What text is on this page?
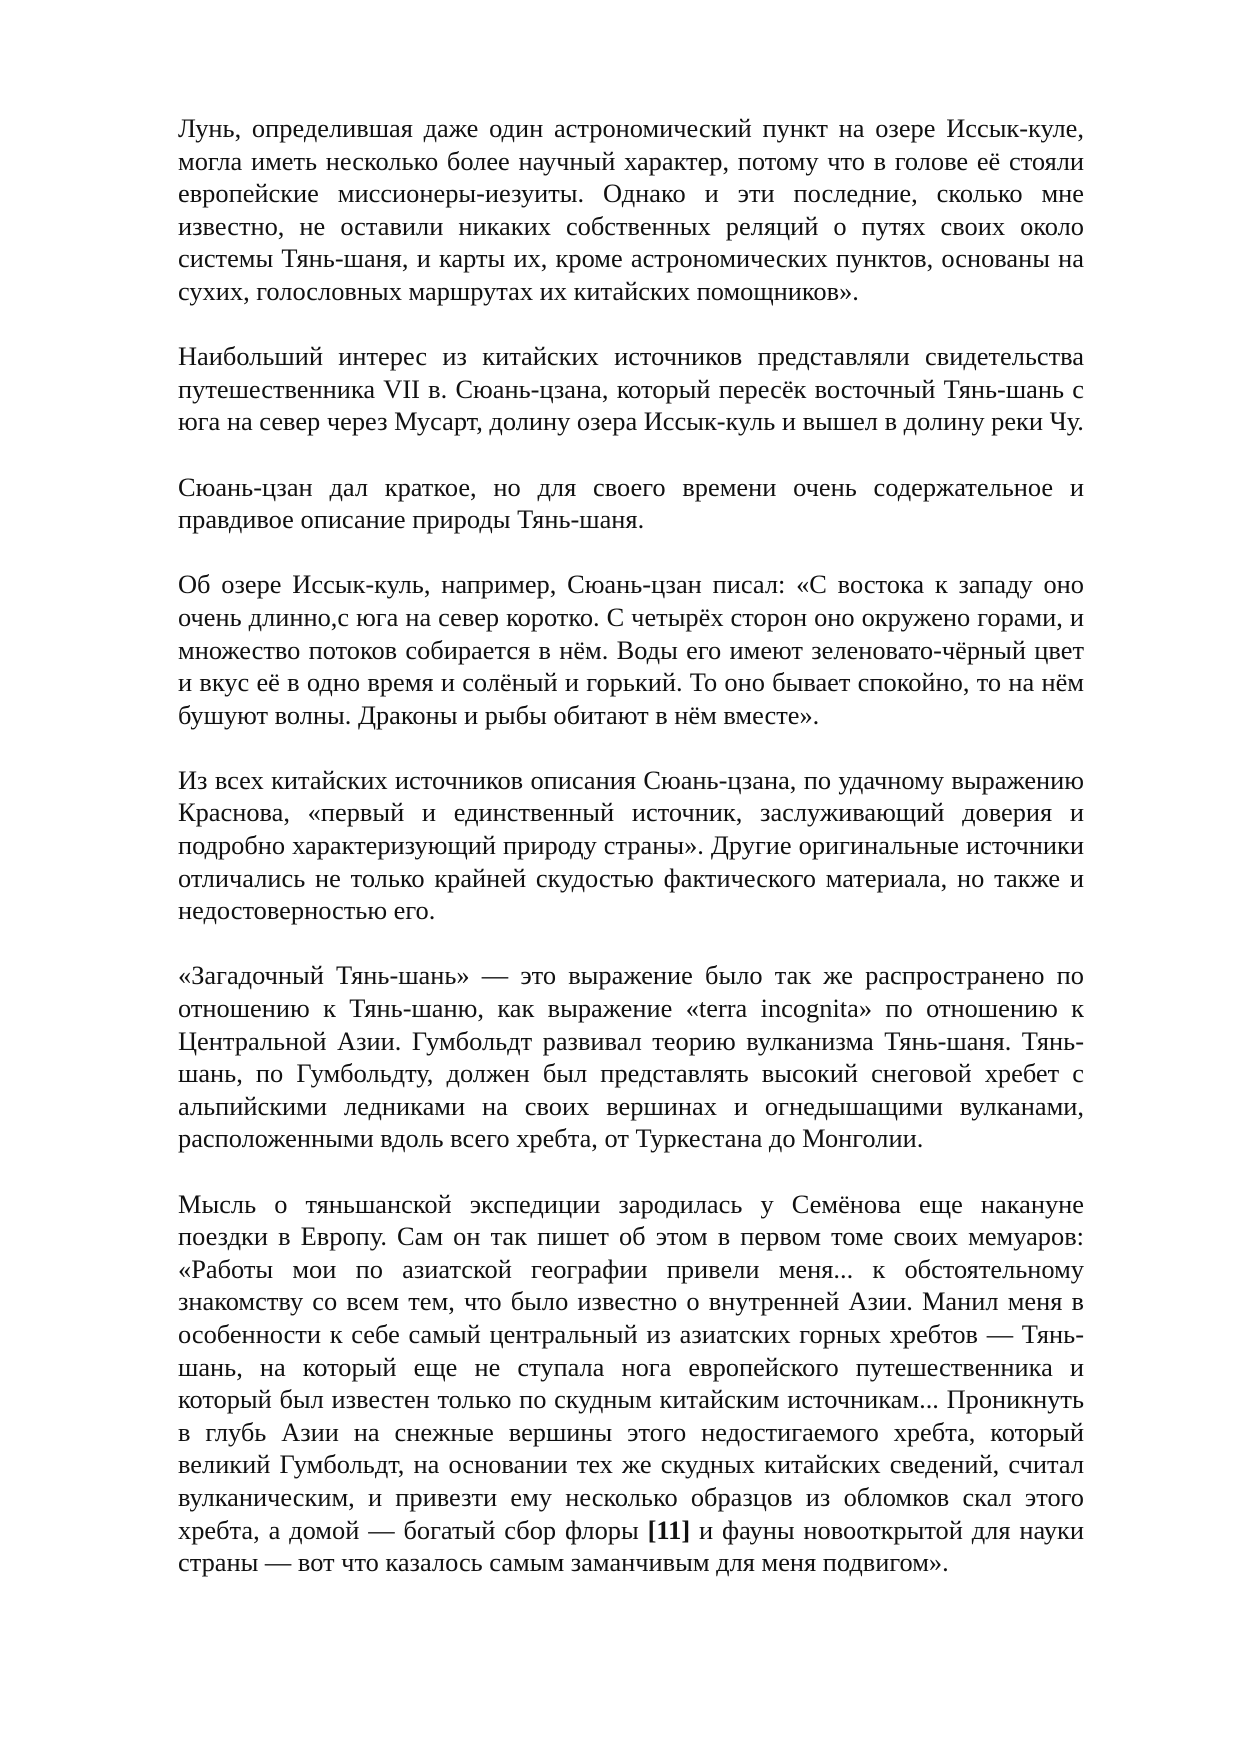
Лунь, определившая даже один астрономический пункт на озере Иссык-куле, могла иметь несколько более научный характер, потому что в голове её стояли европейские миссионеры-иезуиты. Однако и эти последние, сколько мне известно, не оставили никаких собственных реляций о путях своих около системы Тянь-шаня, и карты их, кроме астрономических пунктов, основаны на сухих, голословных маршрутах их китайских помощников».

Наибольший интерес из китайских источников представляли свидетельства путешественника VII в. Сюань-цзана, который пересёк восточный Тянь-шань с юга на север через Мусарт, долину озера Иссык-куль и вышел в долину реки Чу.

Сюань-цзан дал краткое, но для своего времени очень содержательное и правдивое описание природы Тянь-шаня.

Об озере Иссык-куль, например, Сюань-цзан писал: «С востока к западу оно очень длинно,с юга на север коротко. С четырёх сторон оно окружено горами, и множество потоков собирается в нём. Воды его имеют зеленовато-чёрный цвет и вкус её в одно время и солёный и горький. То оно бывает спокойно, то на нём бушуют волны. Драконы и рыбы обитают в нём вместе».

Из всех китайских источников описания Сюань-цзана, по удачному выражению Краснова, «первый и единственный источник, заслуживающий доверия и подробно характеризующий природу страны». Другие оригинальные источники отличались не только крайней скудостью фактического материала, но также и недостоверностью его.

«Загадочный Тянь-шань» — это выражение было так же распространено по отношению к Тянь-шаню, как выражение «terra incognita» по отношению к Центральной Азии. Гумбольдт развивал теорию вулканизма Тянь-шаня. Тянь-шань, по Гумбольдту, должен был представлять высокий снеговой хребет с альпийскими ледниками на своих вершинах и огнедышащими вулканами, расположенными вдоль всего хребта, от Туркестана до Монголии.

Мысль о тяньшанской экспедиции зародилась у Семёнова еще накануне поездки в Европу. Сам он так пишет об этом в первом томе своих мемуаров: «Работы мои по азиатской географии привели меня... к обстоятельному знакомству со всем тем, что было известно о внутренней Азии. Манил меня в особенности к себе самый центральный из азиатских горных хребтов — Тянь-шань, на который еще не ступала нога европейского путешественника и который был известен только по скудным китайским источникам... Проникнуть в глубь Азии на снежные вершины этого недостигаемого хребта, который великий Гумбольдт, на основании тех же скудных китайских сведений, считал вулканическим, и привезти ему несколько образцов из обломков скал этого хребта, а домой — богатый сбор флоры [11] и фауны новооткрытой для науки страны — вот что казалось самым заманчивым для меня подвигом».
